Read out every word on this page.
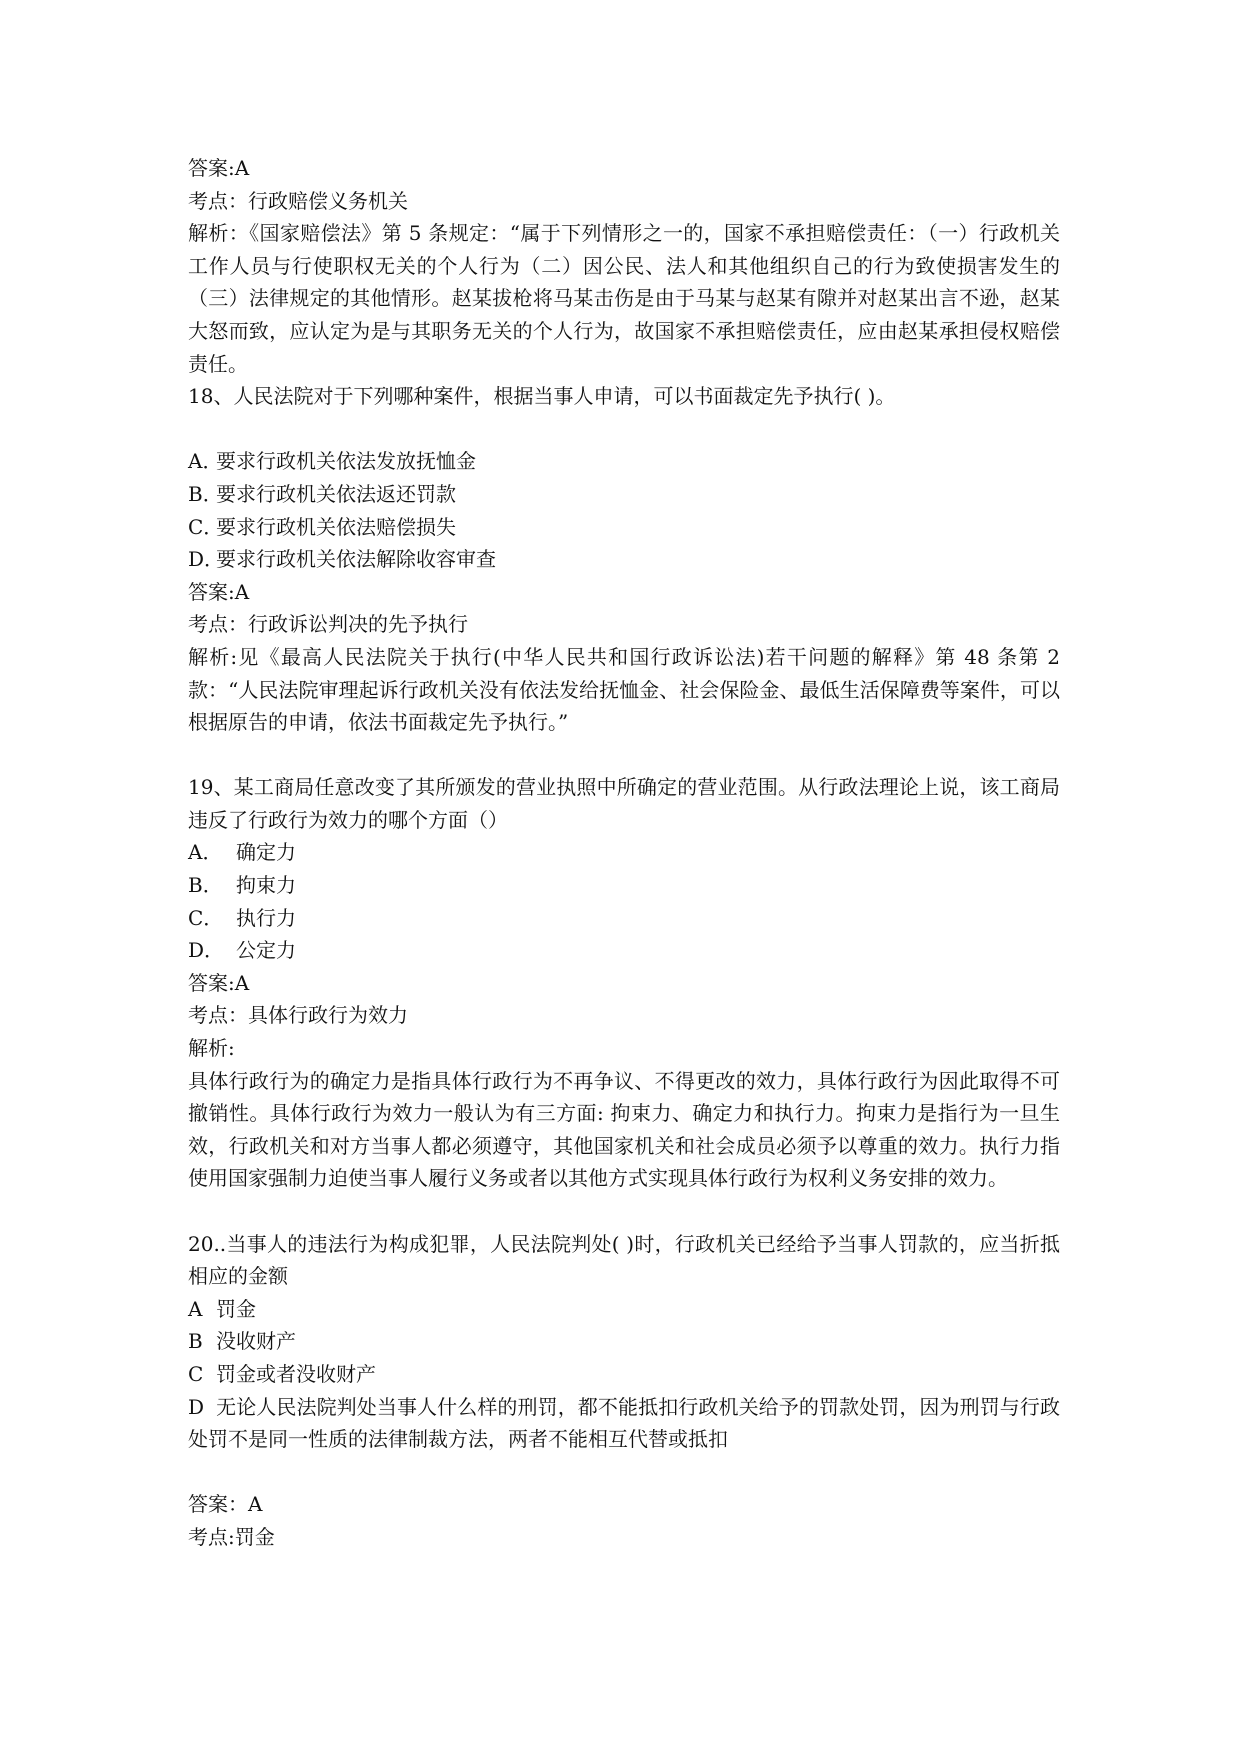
答案:A
考点：行政赔偿义务机关
解析：《国家赔偿法》第 5 条规定：“属于下列情形之一的，国家不承担赔偿责任：（一）行政机关工作人员与行使职权无关的个人行为（二）因公民、法人和其他组织自己的行为致使损害发生的（三）法律规定的其他情形。赵某拔枪将马某击伤是由于马某与赵某有隙并对赵某出言不逊，赵某大怒而致，应认定为是与其职务无关的个人行为，故国家不承担赔偿责任，应由赵某承担侵权赔偿责任。
18、人民法院对于下列哪种案件，根据当事人申请，可以书面裁定先予执行( )。
A．要求行政机关依法发放抚恤金
B．要求行政机关依法返还罚款
C．要求行政机关依法赔偿损失
D．要求行政机关依法解除收容审查
答案:A
考点：行政诉讼判决的先予执行
解析:见《最高人民法院关于执行(中华人民共和国行政诉讼法)若干问题的解释》第 48 条第 2 款：“人民法院审理起诉行政机关没有依法发给抚恤金、社会保险金、最低生活保障费等案件，可以根据原告的申请，依法书面裁定先予执行。”
19、某工商局任意改变了其所颁发的营业执照中所确定的营业范围。从行政法理论上说，该工商局违反了行政行为效力的哪个方面（）
A． 确定力
B． 拘束力
C． 执行力
D． 公定力
答案:A
考点：具体行政行为效力
解析:
具体行政行为的确定力是指具体行政行为不再争议、不得更改的效力，具体行政行为因此取得不可撤销性。具体行政行为效力一般认为有三方面: 拘束力、确定力和执行力。拘束力是指行为一旦生效，行政机关和对方当事人都必须遵守，其他国家机关和社会成员必须予以尊重的效力。执行力指使用国家强制力迫使当事人履行义务或者以其他方式实现具体行政行为权利义务安排的效力。
20..当事人的违法行为构成犯罪，人民法院判处( )时，行政机关已经给予当事人罚款的，应当折抵相应的金额
A 罚金
B 没收财产
C 罚金或者没收财产
D 无论人民法院判处当事人什么样的刑罚，都不能抵扣行政机关给予的罚款处罚，因为刑罚与行政处罚不是同一性质的法律制裁方法，两者不能相互代替或抵扣
答案：A
考点:罚金
